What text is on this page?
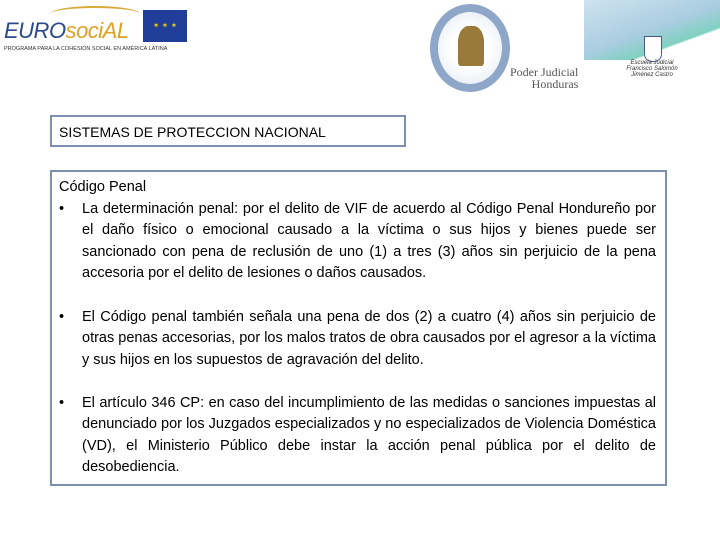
EUROsociAL
PROGRAMA PARA LA COHESIÓN SOCIAL EN AMÉRICA LATINA
✶ ✶ ✶
Poder Judicial
Honduras
Escuela Judicial
Francisco Salomón Jiménez Castro
SISTEMAS DE PROTECCION NACIONAL
Código Penal
• La determinación penal: por el delito de VIF de acuerdo al Código Penal Hondureño por el daño físico o emocional causado a la víctima o sus hijos y bienes puede ser sancionado con pena de reclusión de uno (1) a tres (3) años sin perjuicio de la pena accesoria por el delito de lesiones o daños causados.
• El Código penal también señala una pena de dos (2) a cuatro (4) años sin perjuicio de otras penas accesorias, por los malos tratos de obra causados por el agresor a la víctima y sus hijos en los supuestos de agravación del delito.
• El artículo 346 CP: en caso del incumplimiento de las medidas o sanciones impuestas al denunciado por los Juzgados especializados y no especializados de Violencia Doméstica (VD), el Ministerio Público debe instar la acción penal pública por el delito de desobediencia.
